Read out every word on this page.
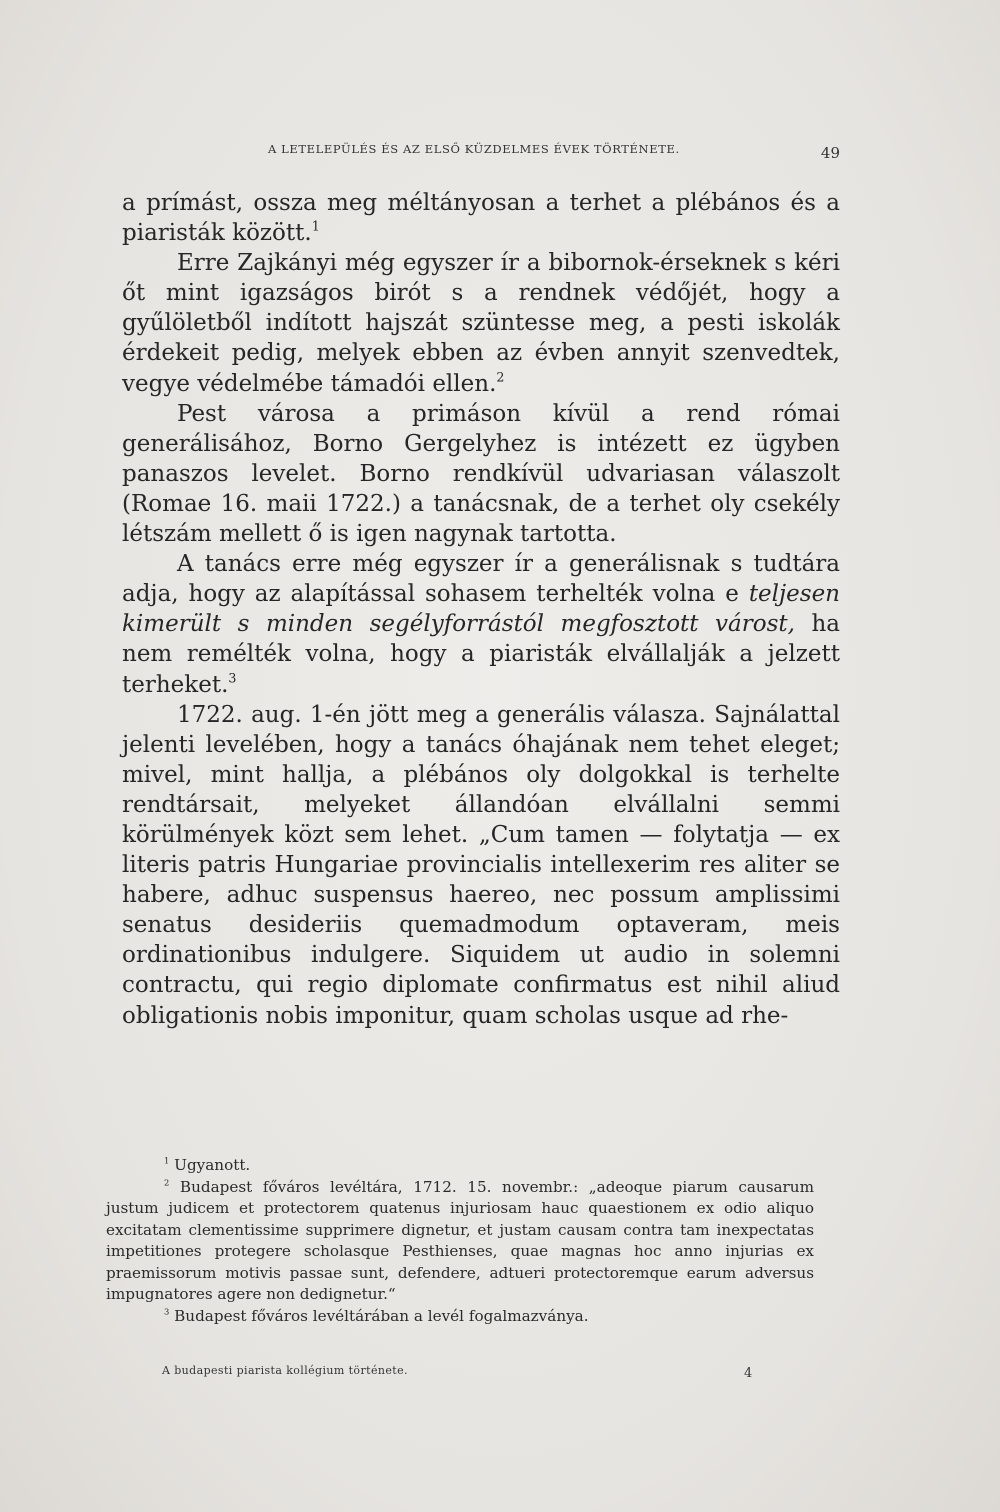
A LETELEPÜLÉS ÉS AZ ELSŐ KÜZDELMES ÉVEK TÖRTÉNETE.	49

a prímást, ossza meg méltányosan a terhet a plébános és a piaristák között.$^1$

Erre Zajkányi még egyszer ír a bibornok-érseknek s kéri őt mint igazságos birót s a rendnek védőjét, hogy a gyűlöletből indított hajszát szüntesse meg, a pesti iskolák érdekeit pedig, melyek ebben az évben annyit szenvedtek, vegye védelmébe támadói ellen.$^2$

Pest városa a primáson kívül a rend római generálisához, Borno Gergelyhez is intézett ez ügyben panaszos levelet. Borno rendkívül udvariasan válaszolt (Romae 16. maii 1722.) a tanácsnak, de a terhet oly csekély létszám mellett ő is igen nagynak tartotta.

A tanács erre még egyszer ír a generálisnak s tudtára adja, hogy az alapítással sohasem terhelték volna e teljesen kimerült s minden segélyforrástól megfosztott várost, ha nem remélték volna, hogy a piaristák elvállalják a jelzett terheket.$^3$

1722. aug. 1-én jött meg a generális válasza. Sajnálattal jelenti levelében, hogy a tanács óhajának nem tehet eleget; mivel, mint hallja, a plébános oly dolgokkal is terhelte rendtársait, melyeket állandóan elvállalni semmi körülmények közt sem lehet. „Cum tamen — folytatja — ex literis patris Hungariae provincialis intellexerim res aliter se habere, adhuc suspensus haereo, nec possum amplissimi senatus desideriis quemadmodum optaveram, meis ordinationibus indulgere. Siquidem ut audio in solemni contractu, qui regio diplomate confirmatus est nihil aliud obligationis nobis imponitur, quam scholas usque ad rhe-

$^1$ Ugyanott.

$^2$ Budapest főváros levéltára, 1712. 15. novembr.: „adeoque piarum causarum justum judicem et protectorem quatenus injuriosam hauc quaestionem ex odio aliquo excitatam clementissime supprimere dignetur, et justam causam contra tam inexpectatas impetitiones protegere scholasque Pesthienses, quae magnas hoc anno injurias ex praemissorum motivis passae sunt, defendere, adtueri protectoremque earum adversus impugnatores agere non dedignetur.“

$^3$ Budapest főváros levéltárában a levél fogalmazványa.

A budapesti piarista kollégium története.	4
